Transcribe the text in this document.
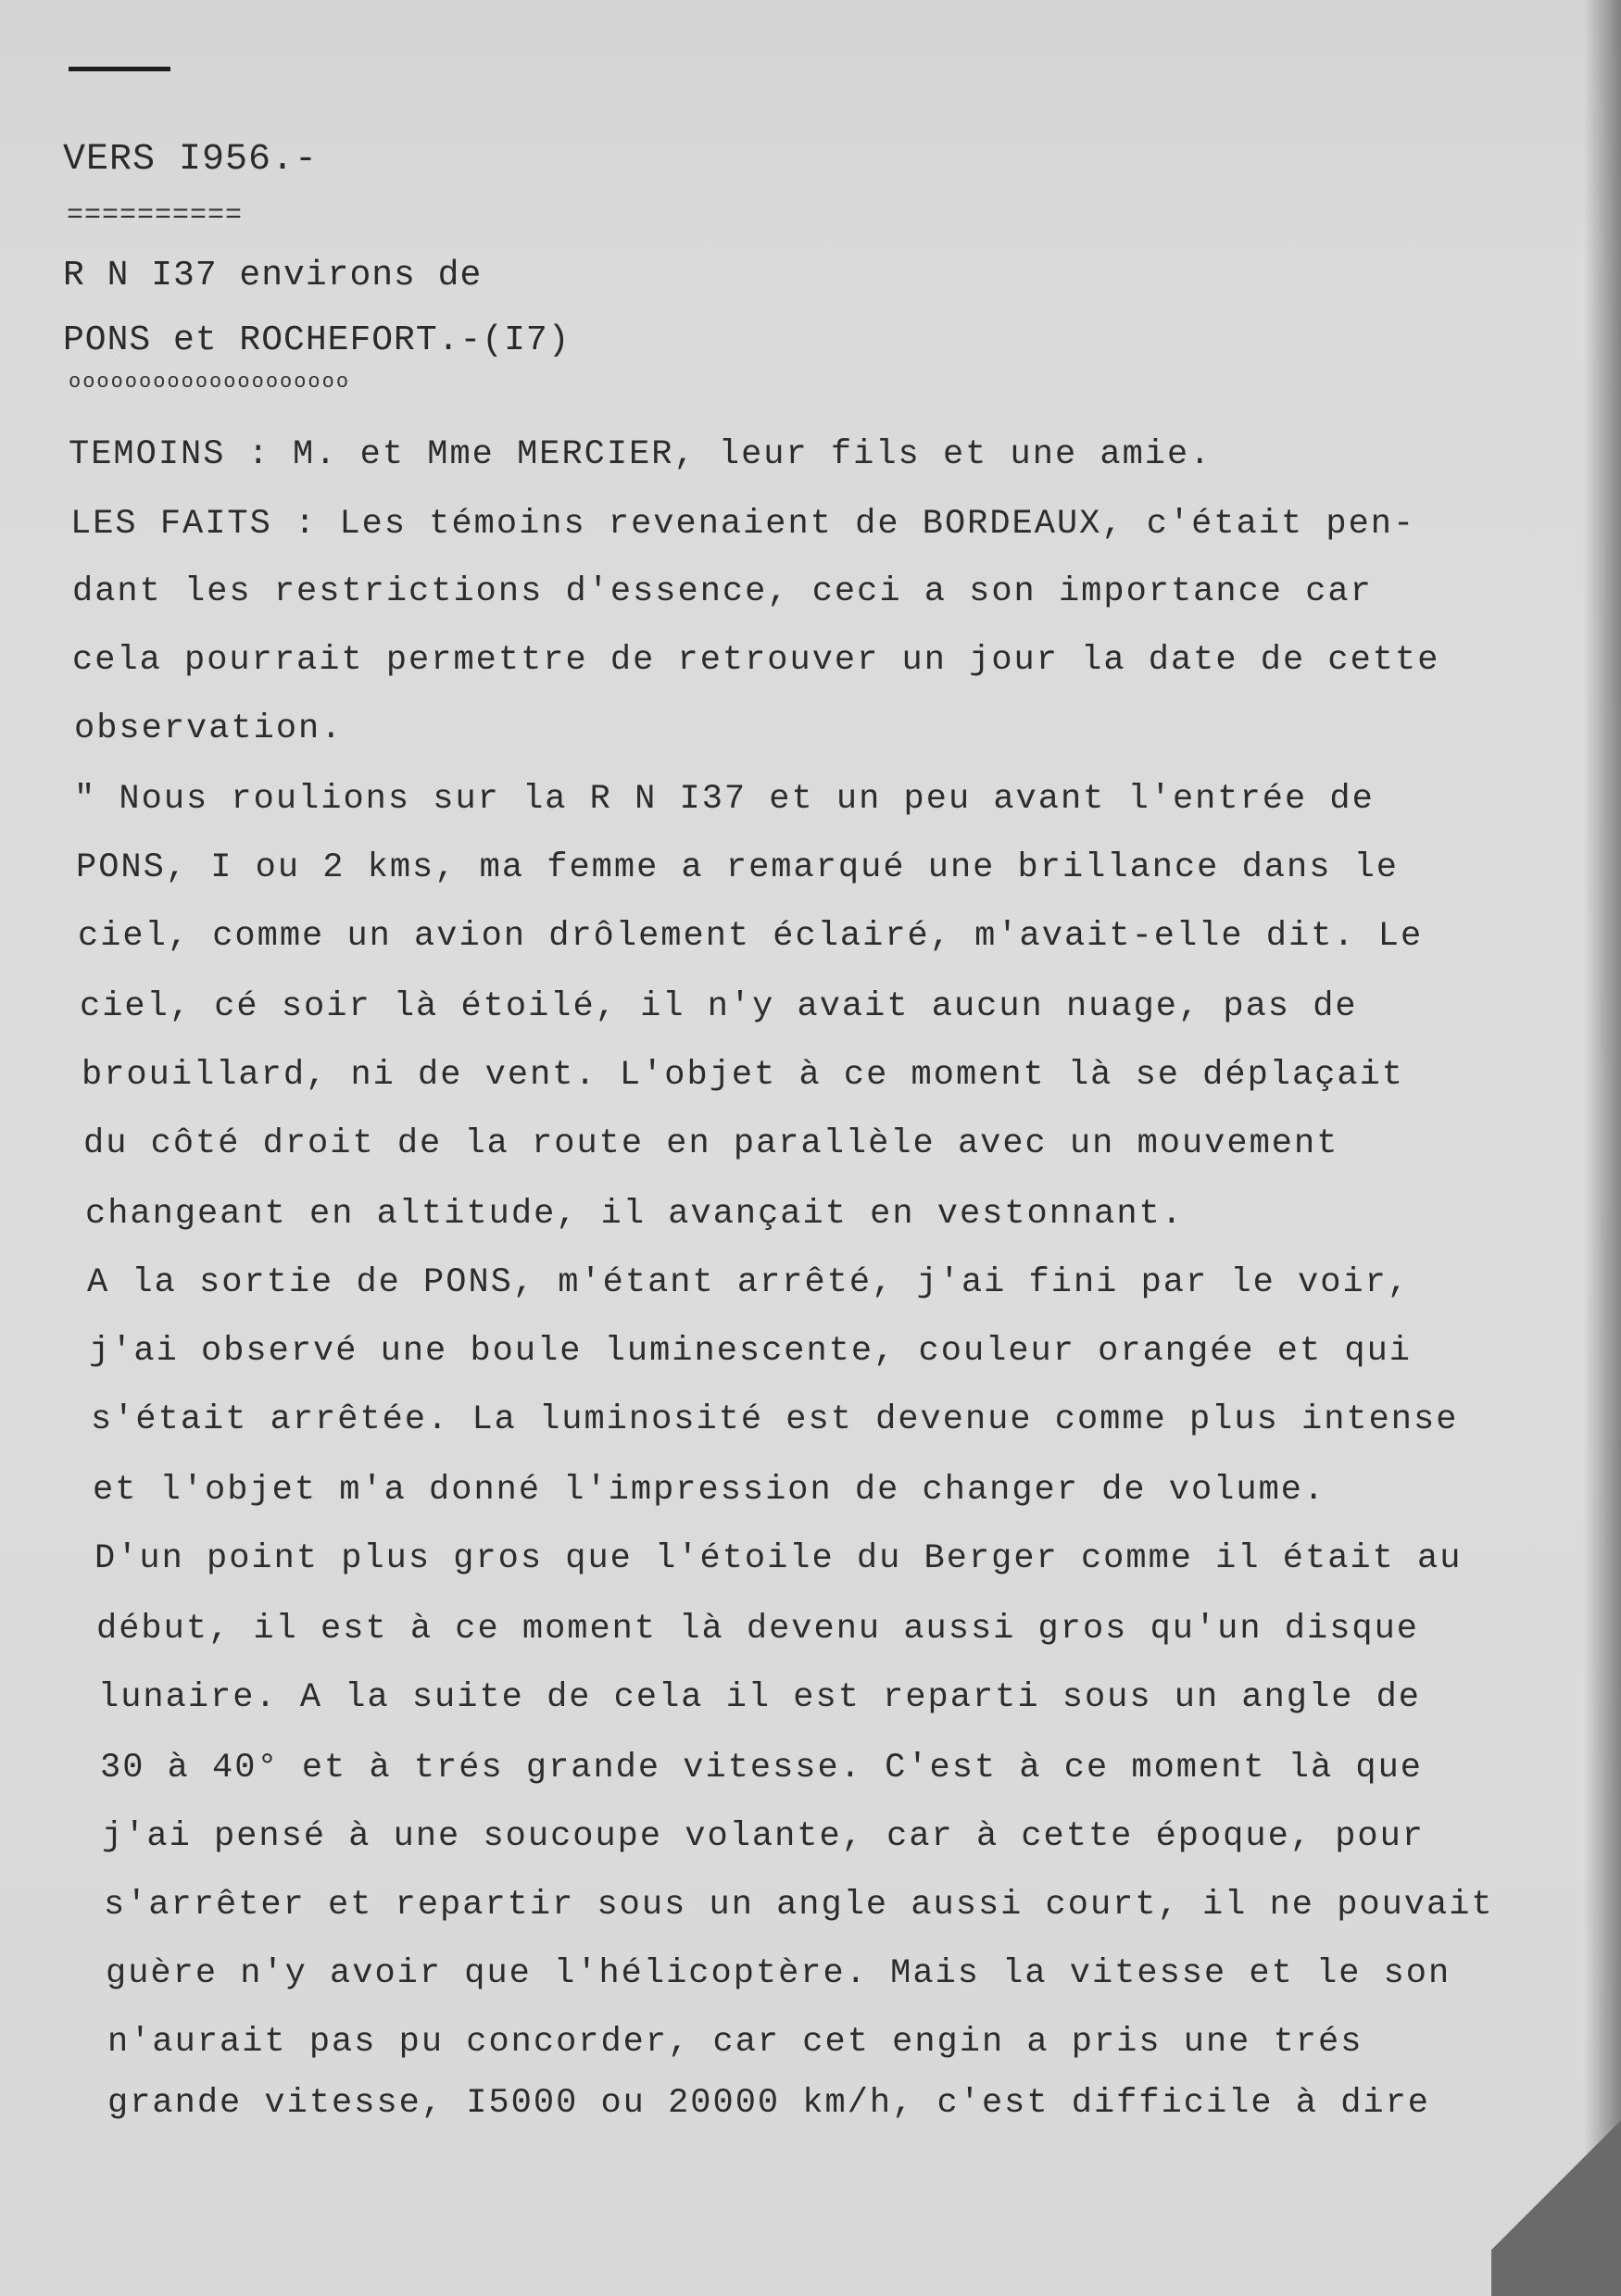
VERS I956.-
==========
R N I37 environs de
PONS et ROCHEFORT.-(I7)
oooooooooooooooooooo
TEMOINS : M. et Mme MERCIER, leur fils et une amie.
LES FAITS : Les témoins revenaient de BORDEAUX, c'était pen-
dant les restrictions d'essence, ceci a son importance car
cela pourrait permettre de retrouver un jour la date de cette
observation.
" Nous roulions sur la R N I37 et un peu avant l'entrée de
PONS, I ou 2 kms, ma femme a remarqué une brillance dans le
ciel, comme un avion drôlement éclairé, m'avait-elle dit. Le
ciel, cé soir là étoilé, il n'y avait aucun nuage, pas de
brouillard, ni de vent. L'objet à ce moment là se déplaçait
du côté droit de la route en parallèle avec un mouvement
changeant en altitude, il avançait en vestonnant.
A la sortie de PONS, m'étant arrêté, j'ai fini par le voir,
j'ai observé une boule luminescente, couleur orangée et qui
s'était arrêtée. La luminosité est devenue comme plus intense
et l'objet m'a donné l'impression de changer de volume.
D'un point plus gros que l'étoile du Berger comme il était au
début, il est à ce moment là devenu aussi gros qu'un disque
lunaire. A la suite de cela il est reparti sous un angle de
30 à 40° et à trés grande vitesse. C'est à ce moment là que
j'ai pensé à une soucoupe volante, car à cette époque, pour
s'arrêter et repartir sous un angle aussi court, il ne pouvait
guère n'y avoir que l'hélicoptère. Mais la vitesse et le son
n'aurait pas pu concorder, car cet engin a pris une trés
grande vitesse, I5000 ou 20000 km/h, c'est difficile à dire
